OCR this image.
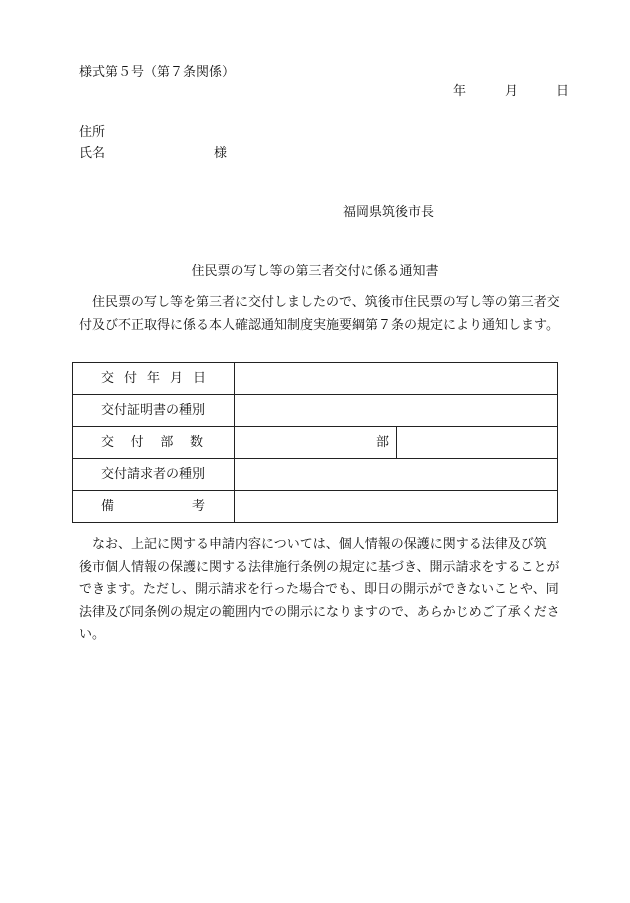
様式第５号（第７条関係）
年	月	日
住所
氏名	様
福岡県筑後市長
住民票の写し等の第三者交付に係る通知書
　住民票の写し等を第三者に交付しましたので、筑後市住民票の写し等の第三者交
付及び不正取得に係る本人確認通知制度実施要綱第７条の規定により通知します。
交付年月日		
交付証明書の種別		
交付部数	部	
交付請求者の種別		
備考		
　なお、上記に関する申請内容については、個人情報の保護に関する法律及び筑
後市個人情報の保護に関する法律施行条例の規定に基づき、開示請求をすることが
できます。ただし、開示請求を行った場合でも、即日の開示ができないことや、同
法律及び同条例の規定の範囲内での開示になりますので、あらかじめご了承くださ
い。
